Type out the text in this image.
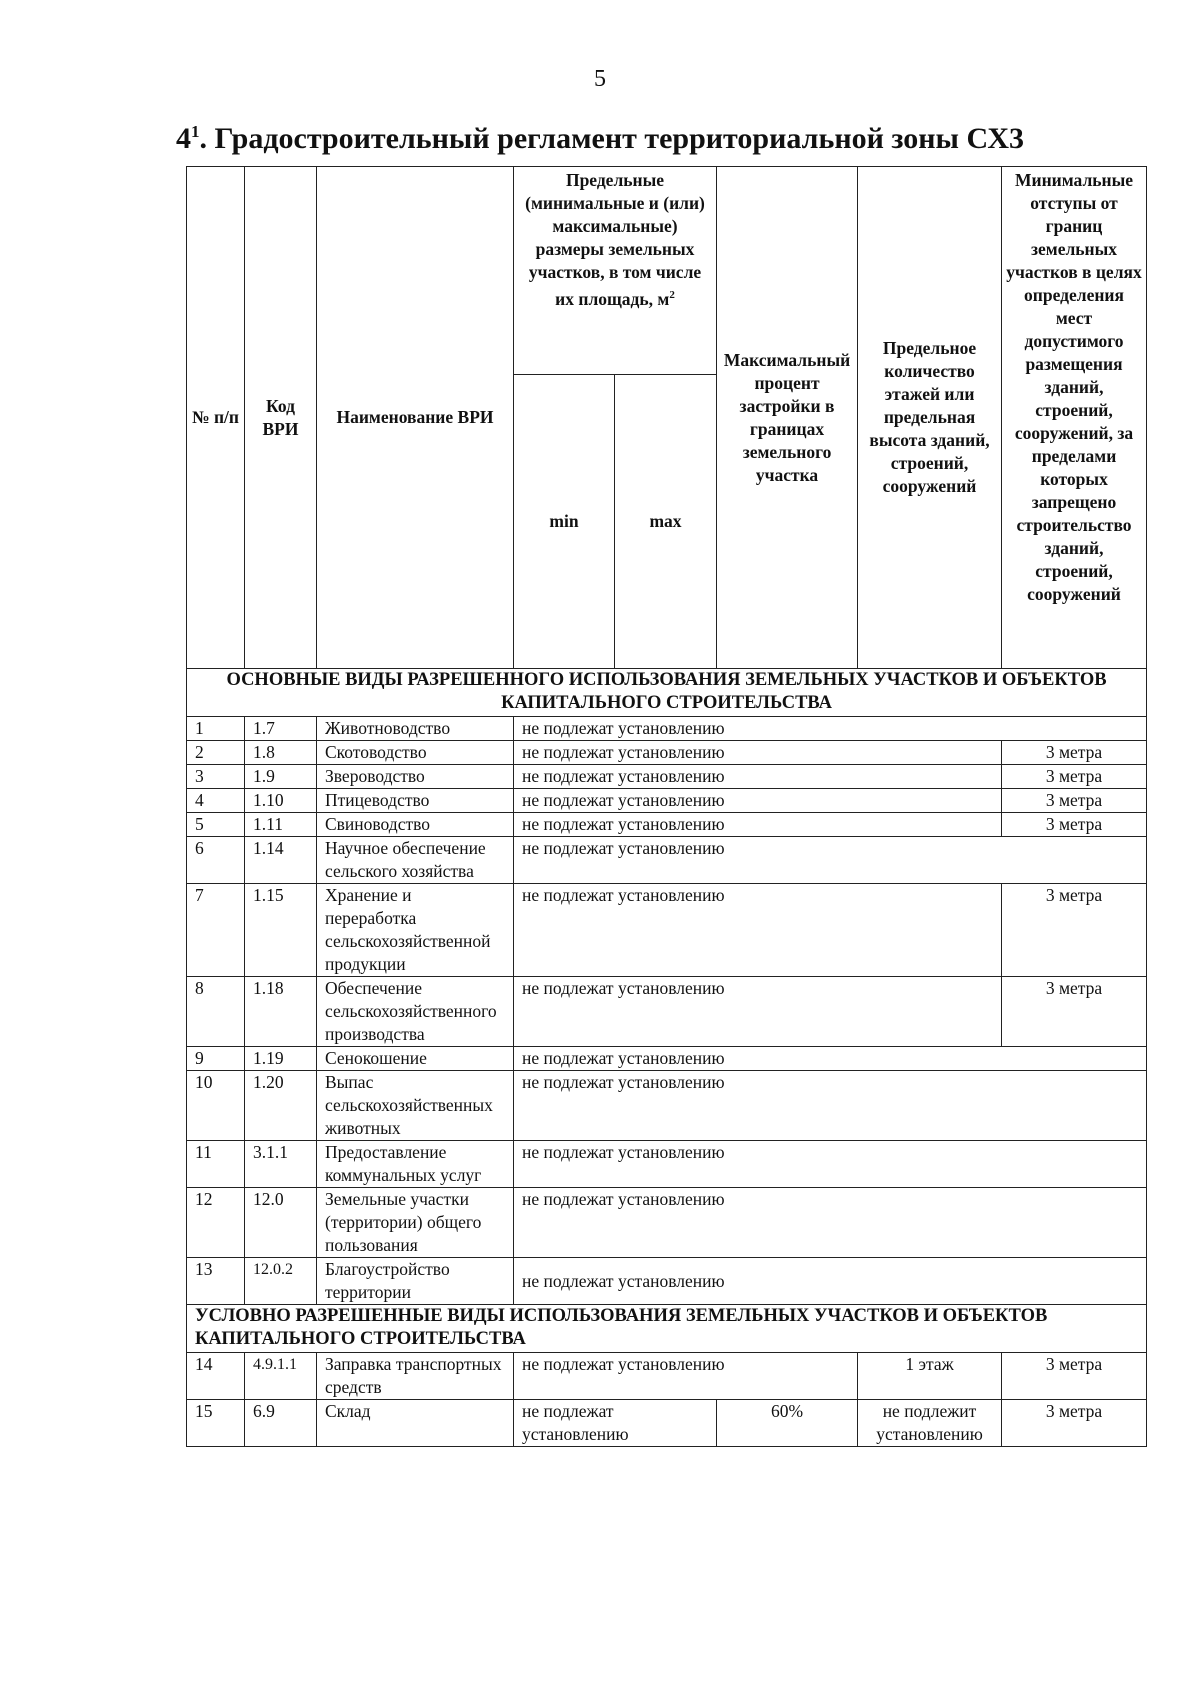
5
$4^1$. Градостроительный регламент территориальной зоны СХ3
№ п/п	Код ВРИ	Наименование ВРИ	Предельные (минимальные и (или) максимальные) размеры земельных участков, в том числе их площадь, $м^2$		Максимальный процент застройки в границах земельного участка	Предельное количество этажей или предельная высота зданий, строений, сооружений	Минимальные отступы от границ земельных участков в целях определения мест допустимого размещения зданий, строений, сооружений, за пределами которых запрещено строительство зданий, строений, сооружений
			min	max			
ОСНОВНЫЕ ВИДЫ РАЗРЕШЕННОГО ИСПОЛЬЗОВАНИЯ ЗЕМЕЛЬНЫХ УЧАСТКОВ И ОБЪЕКТОВ КАПИТАЛЬНОГО СТРОИТЕЛЬСТВА							
1	1.7	Животноводство	не подлежат установлению				
2	1.8	Скотоводство	не подлежат установлению				3 метра
3	1.9	Звероводство	не подлежат установлению				3 метра
4	1.10	Птицеводство	не подлежат установлению				3 метра
5	1.11	Свиноводство	не подлежат установлению				3 метра
6	1.14	Научное обеспечение сельского хозяйства	не подлежат установлению				
7	1.15	Хранение и переработка сельскохозяйственной продукции	не подлежат установлению				3 метра
8	1.18	Обеспечение сельскохозяйственного производства	не подлежат установлению				3 метра
9	1.19	Сенокошение	не подлежат установлению				
10	1.20	Выпас сельскохозяйственных животных	не подлежат установлению				
11	3.1.1	Предоставление коммунальных услуг	не подлежат установлению				
12	12.0	Земельные участки (территории) общего пользования	не подлежат установлению				
13	12.0.2	Благоустройство территории	не подлежат установлению				
УСЛОВНО РАЗРЕШЕННЫЕ ВИДЫ ИСПОЛЬЗОВАНИЯ ЗЕМЕЛЬНЫХ УЧАСТКОВ И ОБЪЕКТОВ КАПИТАЛЬНОГО СТРОИТЕЛЬСТВА							
14	4.9.1.1	Заправка транспортных средств	не подлежат установлению			1 этаж	3 метра
15	6.9	Склад	не подлежат установлению		60%	не подлежит установлению	3 метра
